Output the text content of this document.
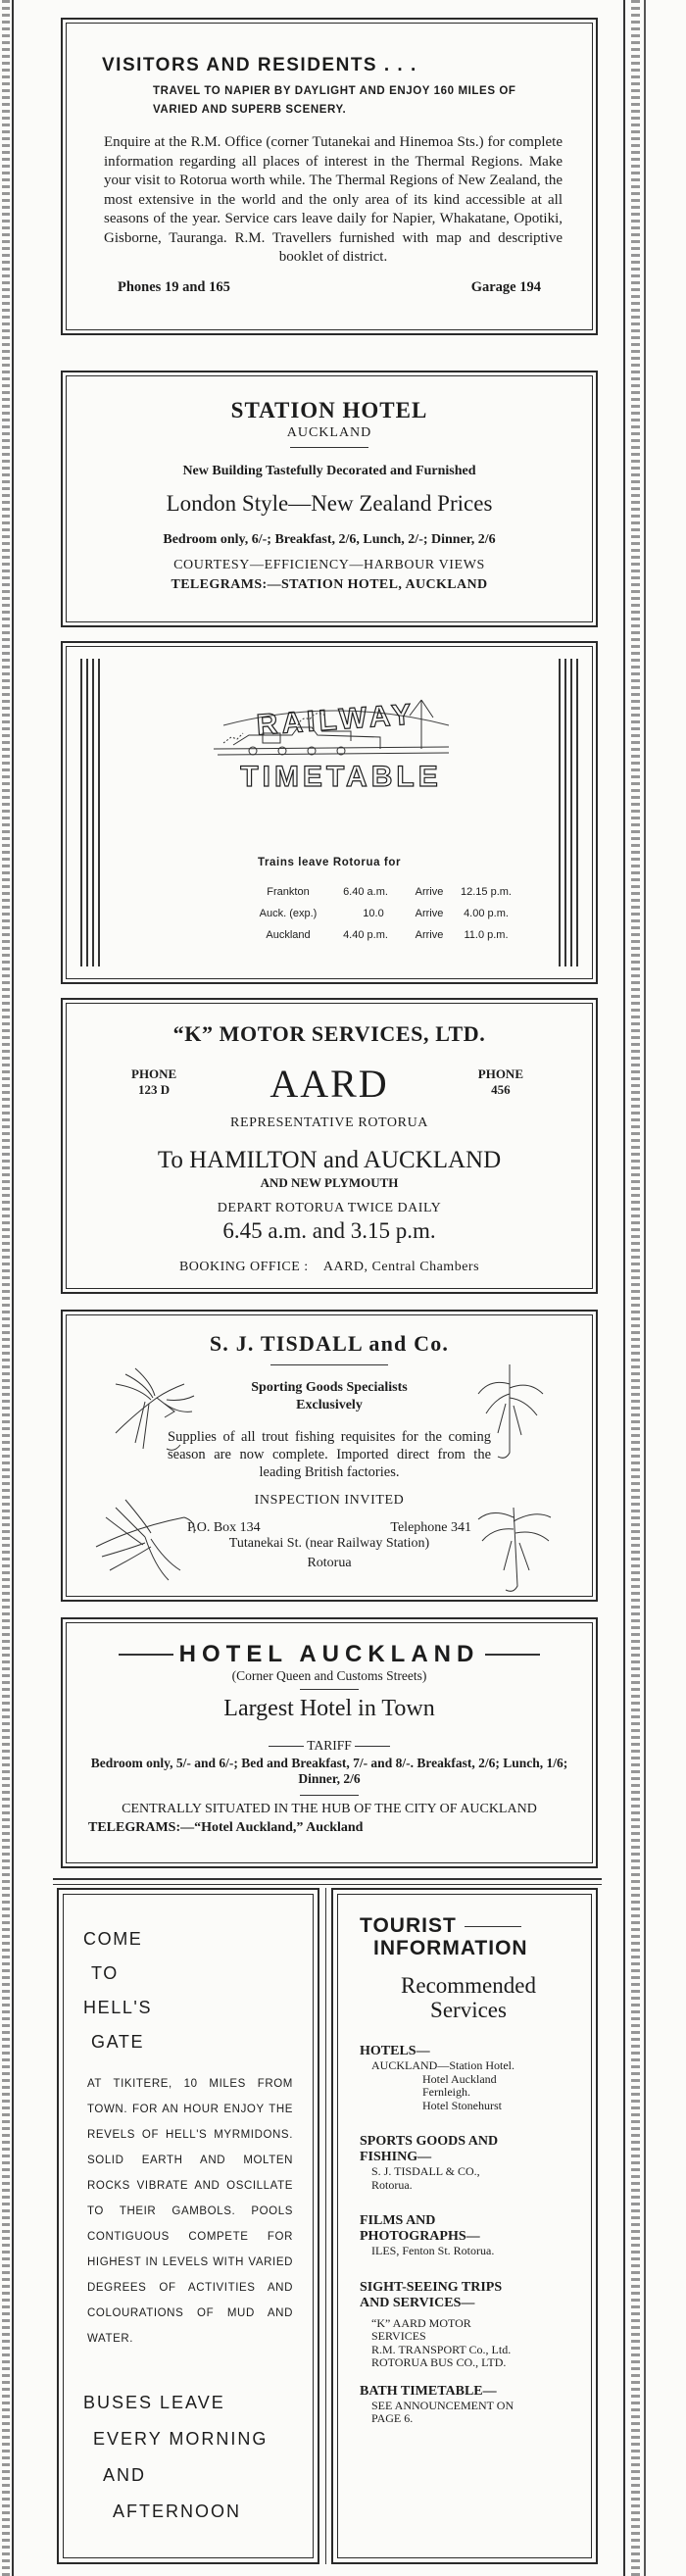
VISITORS AND RESIDENTS . . .
TRAVEL TO NAPIER BY DAYLIGHT AND ENJOY 160 MILES OF
VARIED AND SUPERB SCENERY.

Enquire at the R.M. Office (corner Tutanekai and Hinemoa Sts.) for complete information regarding all places of interest in the Thermal Regions. Make your visit to Rotorua worth while. The Thermal Regions of New Zealand, the most extensive in the world and the only area of its kind accessible at all seasons of the year. Service cars leave daily for Napier, Whakatane, Opotiki, Gisborne, Tauranga. R.M. Travellers furnished with map and descriptive booklet of district.

Phones 19 and 165	Garage 194
STATION HOTEL
AUCKLAND
New Building Tastefully Decorated and Furnished
London Style—New Zealand Prices
Bedroom only, 6/-; Breakfast, 2/6, Lunch, 2/-; Dinner, 2/6
COURTESY—EFFICIENCY—HARBOUR VIEWS
TELEGRAMS:—STATION HOTEL, AUCKLAND
RAILWAY
TIMETABLE
Trains leave Rotorua for
Frankton	6.40 a.m.	Arrive	12.15 p.m.
Auck. (exp.)	10.0	Arrive	4.00 p.m.
Auckland	4.40 p.m.	Arrive	11.0 p.m.
“K” MOTOR SERVICES, LTD.
PHONE
123 D	AARD	PHONE
456
REPRESENTATIVE ROTORUA
To HAMILTON and AUCKLAND
AND NEW PLYMOUTH
DEPART ROTORUA TWICE DAILY
6.45 a.m. and 3.15 p.m.
BOOKING OFFICE :    AARD, Central Chambers
S. J. TISDALL and Co.
Sporting Goods Specialists
Exclusively

Supplies of all trout fishing requisites for the coming season are now complete. Imported direct from the leading British factories.

INSPECTION INVITED
P.O. Box 134	Telephone 341
Tutanekai St. (near Railway Station)
Rotorua
HOTEL AUCKLAND
(Corner Queen and Customs Streets)
Largest Hotel in Town
TARIFF
Bedroom only, 5/- and 6/-; Bed and Breakfast, 7/- and 8/-. Breakfast, 2/6; Lunch, 1/6; Dinner, 2/6
CENTRALLY SITUATED IN THE HUB OF THE CITY OF AUCKLAND
TELEGRAMS:—“Hotel Auckland,” Auckland
COME
TO
HELL'S
GATE

AT TIKITERE, 10 MILES FROM TOWN. FOR AN HOUR ENJOY THE REVELS OF HELL'S MYRMIDONS. SOLID EARTH AND MOLTEN ROCKS VIBRATE AND OSCILLATE TO THEIR GAMBOLS. POOLS CONTIGUOUS COMPETE FOR HIGHEST IN LEVELS WITH VARIED DEGREES OF ACTIVITIES AND COLOURATIONS OF MUD AND WATER.

BUSES LEAVE
EVERY MORNING
AND
AFTERNOON
TOURIST
INFORMATION
Recommended
Services
HOTELS—
AUCKLAND—Station Hotel.
Hotel Auckland
Fernleigh.
Hotel Stonehurst
SPORTS GOODS AND
FISHING—
S. J. TISDALL & CO.,
Rotorua.
FILMS AND
PHOTOGRAPHS—
ILES, Fenton St. Rotorua.
SIGHT-SEEING TRIPS
AND SERVICES—
“K” AARD MOTOR
SERVICES
R.M. TRANSPORT Co., Ltd.
ROTORUA BUS CO., LTD.
BATH TIMETABLE—
SEE ANNOUNCEMENT ON
PAGE 6.
